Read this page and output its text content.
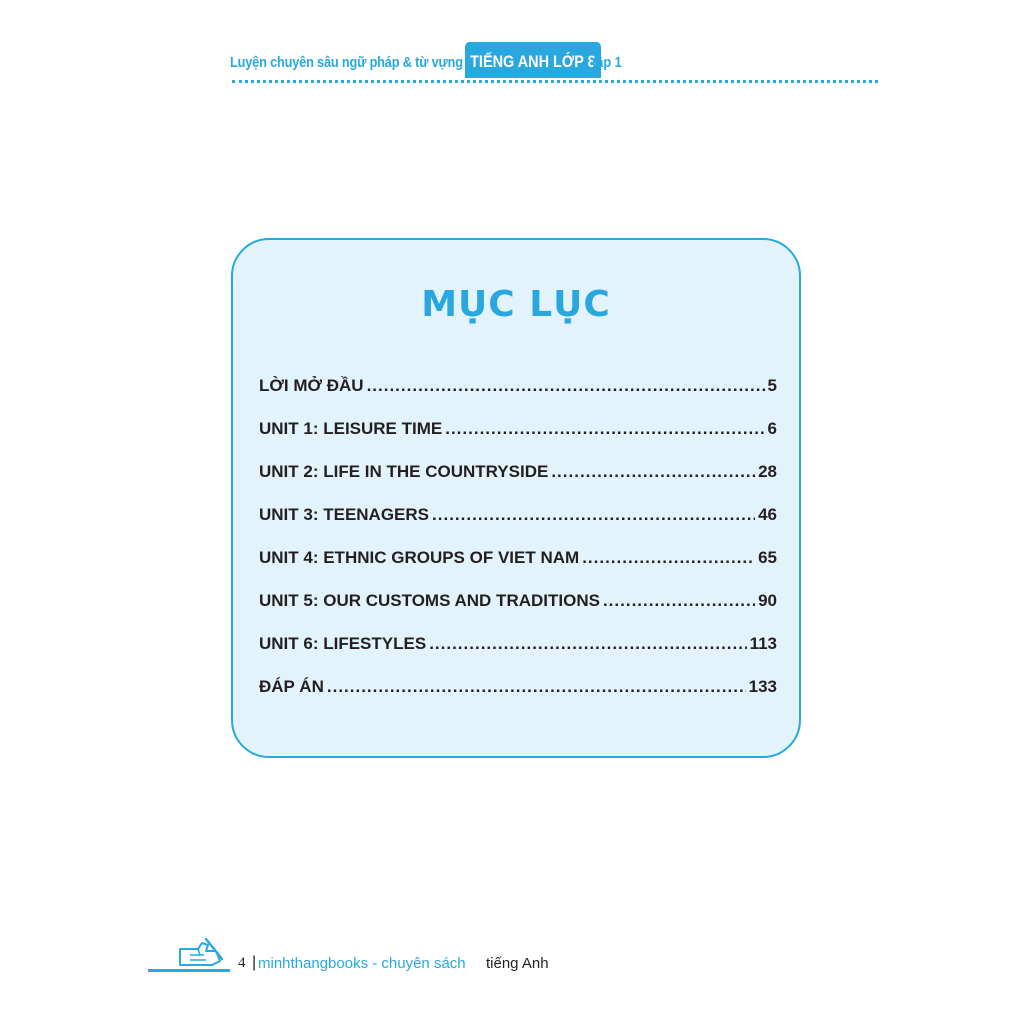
Luyện chuyên sâu ngữ pháp & từ vựng TIẾNG ANH LỚP 8
tập 1
MỤC LỤC
LỜI MỞ ĐẦU .....	5
UNIT 1: LEISURE TIME .....	6
UNIT 2: LIFE IN THE COUNTRYSIDE .....	28
UNIT 3: TEENAGERS .....	46
UNIT 4: ETHNIC GROUPS OF VIET NAM .....	65
UNIT 5: OUR CUSTOMS AND TRADITIONS .....	90
UNIT 6: LIFESTYLES .....	113
ĐÁP ÁN .....	133
4 | minhthangbooks - chuyên sách tiếng Anh
